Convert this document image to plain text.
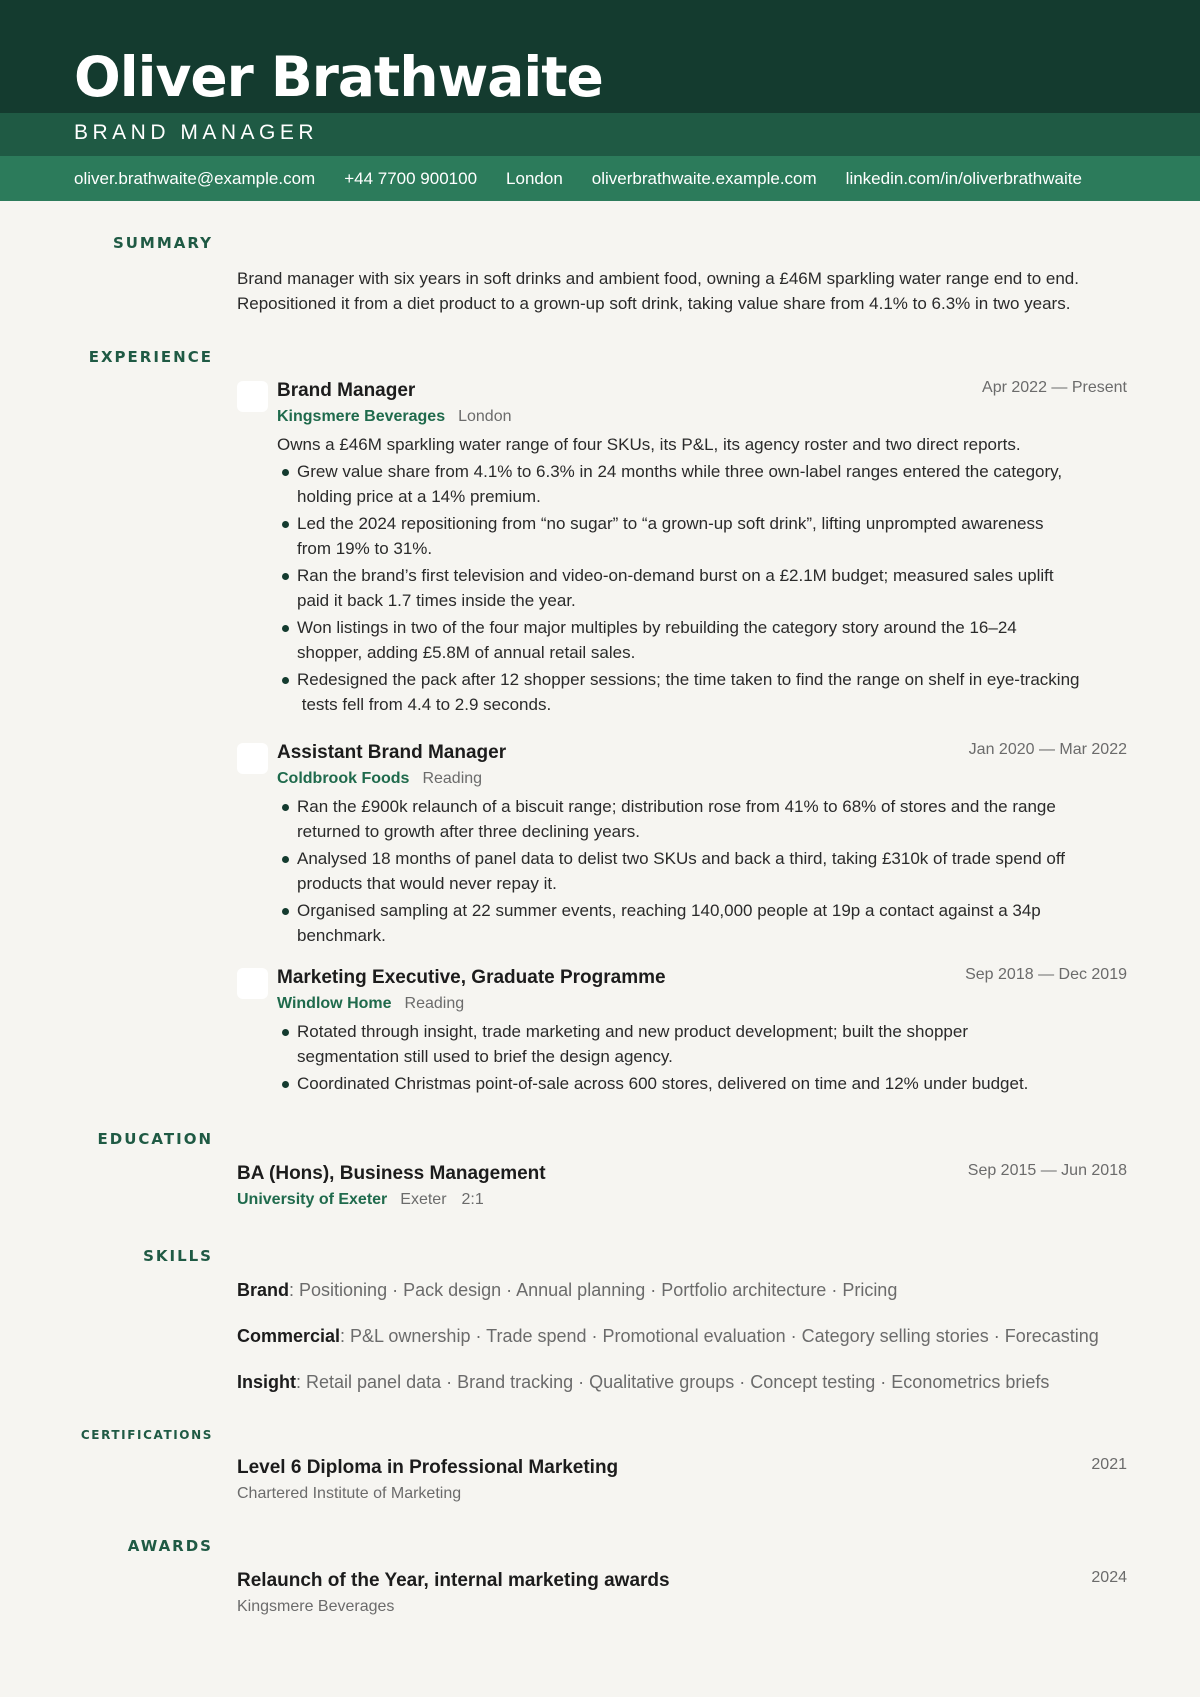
Oliver Brathwaite
BRAND MANAGER
oliver.brathwaite@example.com +44 7700 900100 London oliverbrathwaite.example.com linkedin.com/in/oliverbrathwaite
SUMMARY
Brand manager with six years in soft drinks and ambient food, owning a £46M sparkling water range end to end.
Repositioned it from a diet product to a grown-up soft drink, taking value share from 4.1% to 6.3% in two years.
EXPERIENCE
Brand Manager	Apr 2022 — Present
Kingsmere Beverages London
Owns a £46M sparkling water range of four SKUs, its P&L, its agency roster and two direct reports.
Grew value share from 4.1% to 6.3% in 24 months while three own-label ranges entered the category,
holding price at a 14% premium.
Led the 2024 repositioning from “no sugar” to “a grown-up soft drink”, lifting unprompted awareness
from 19% to 31%.
Ran the brand’s first television and video-on-demand burst on a £2.1M budget; measured sales uplift
paid it back 1.7 times inside the year.
Won listings in two of the four major multiples by rebuilding the category story around the 16–24
shopper, adding £5.8M of annual retail sales.
Redesigned the pack after 12 shopper sessions; the time taken to find the range on shelf in eye-tracking
tests fell from 4.4 to 2.9 seconds.
Assistant Brand Manager	Jan 2020 — Mar 2022
Coldbrook Foods Reading
Ran the £900k relaunch of a biscuit range; distribution rose from 41% to 68% of stores and the range
returned to growth after three declining years.
Analysed 18 months of panel data to delist two SKUs and back a third, taking £310k of trade spend off
products that would never repay it.
Organised sampling at 22 summer events, reaching 140,000 people at 19p a contact against a 34p
benchmark.
Marketing Executive, Graduate Programme	Sep 2018 — Dec 2019
Windlow Home Reading
Rotated through insight, trade marketing and new product development; built the shopper
segmentation still used to brief the design agency.
Coordinated Christmas point-of-sale across 600 stores, delivered on time and 12% under budget.
EDUCATION
BA (Hons), Business Management	Sep 2015 — Jun 2018
University of Exeter Exeter 2:1
SKILLS
Brand: Positioning · Pack design · Annual planning · Portfolio architecture · Pricing
Commercial: P&L ownership · Trade spend · Promotional evaluation · Category selling stories · Forecasting
Insight: Retail panel data · Brand tracking · Qualitative groups · Concept testing · Econometrics briefs
CERTIFICATIONS
Level 6 Diploma in Professional Marketing	2021
Chartered Institute of Marketing
AWARDS
Relaunch of the Year, internal marketing awards	2024
Kingsmere Beverages
